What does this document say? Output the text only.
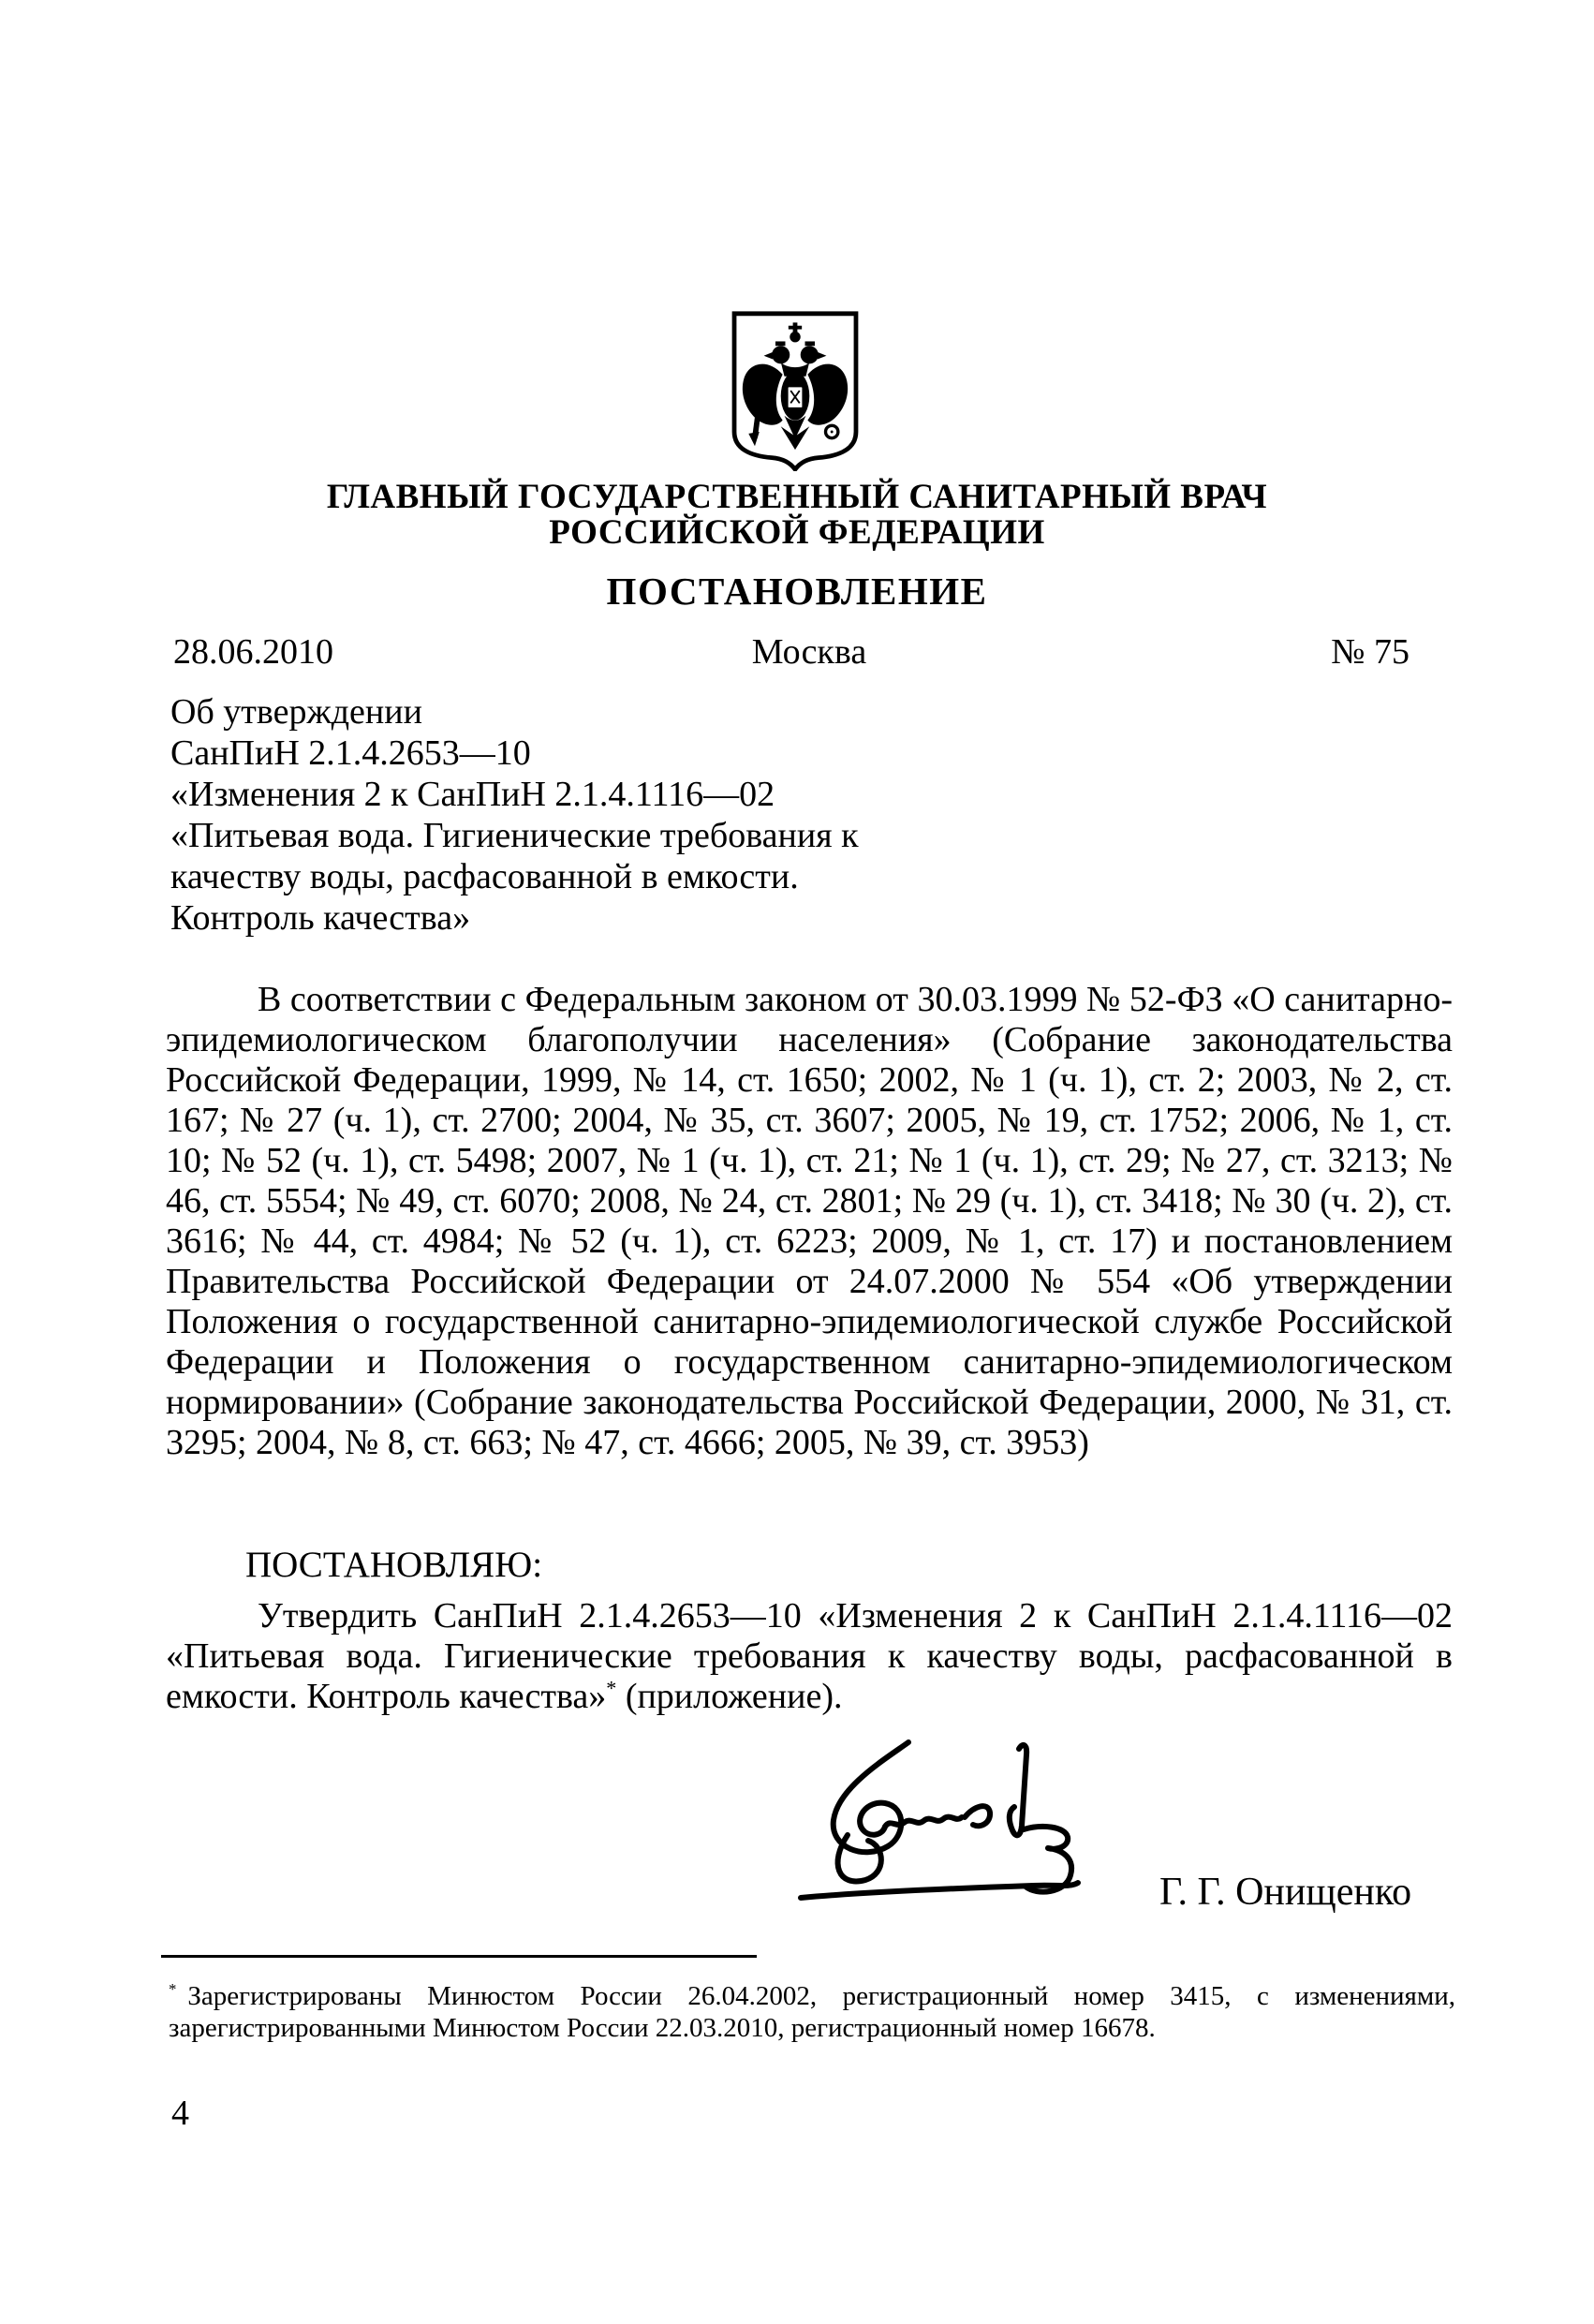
ГЛАВНЫЙ ГОСУДАРСТВЕННЫЙ САНИТАРНЫЙ ВРАЧ
РОССИЙСКОЙ ФЕДЕРАЦИИ
ПОСТАНОВЛЕНИЕ
28.06.2010	Москва	№ 75
Об утверждении
СанПиН 2.1.4.2653—10
«Изменения 2 к СанПиН 2.1.4.1116—02
«Питьевая вода. Гигиенические требования к
качеству воды, расфасованной в емкости.
Контроль качества»
В соответствии с Федеральным законом от 30.03.1999 № 52-ФЗ «О санитарно-эпидемиологическом благополучии населения» (Собрание законодательства Российской Федерации, 1999, № 14, ст. 1650; 2002, № 1 (ч. 1), ст. 2; 2003, № 2, ст. 167; № 27 (ч. 1), ст. 2700; 2004, № 35, ст. 3607; 2005, № 19, ст. 1752; 2006, № 1, ст. 10; № 52 (ч. 1), ст. 5498; 2007, № 1 (ч. 1), ст. 21; № 1 (ч. 1), ст. 29; № 27, ст. 3213; № 46, ст. 5554; № 49, ст. 6070; 2008, № 24, ст. 2801; № 29 (ч. 1), ст. 3418; № 30 (ч. 2), ст. 3616; № 44, ст. 4984; № 52 (ч. 1), ст. 6223; 2009, № 1, ст. 17) и постановлением Правительства Российской Федерации от 24.07.2000 № 554 «Об утверждении Положения о государственной санитарно-эпидемиологической службе Российской Федерации и Положения о государственном санитарно-эпидемиологическом нормировании» (Собрание законодательства Российской Федерации, 2000, № 31, ст. 3295; 2004, № 8, ст. 663; № 47, ст. 4666; 2005, № 39, ст. 3953)
ПОСТАНОВЛЯЮ:
Утвердить СанПиН 2.1.4.2653—10 «Изменения 2 к СанПиН 2.1.4.1116—02 «Питьевая вода. Гигиенические требования к качеству воды, расфасованной в емкости. Контроль качества»* (приложение).
Г. Г. Онищенко
* Зарегистрированы Минюстом России 26.04.2002, регистрационный номер 3415, с изменениями, зарегистрированными Минюстом России 22.03.2010, регистрационный номер 16678.
4
